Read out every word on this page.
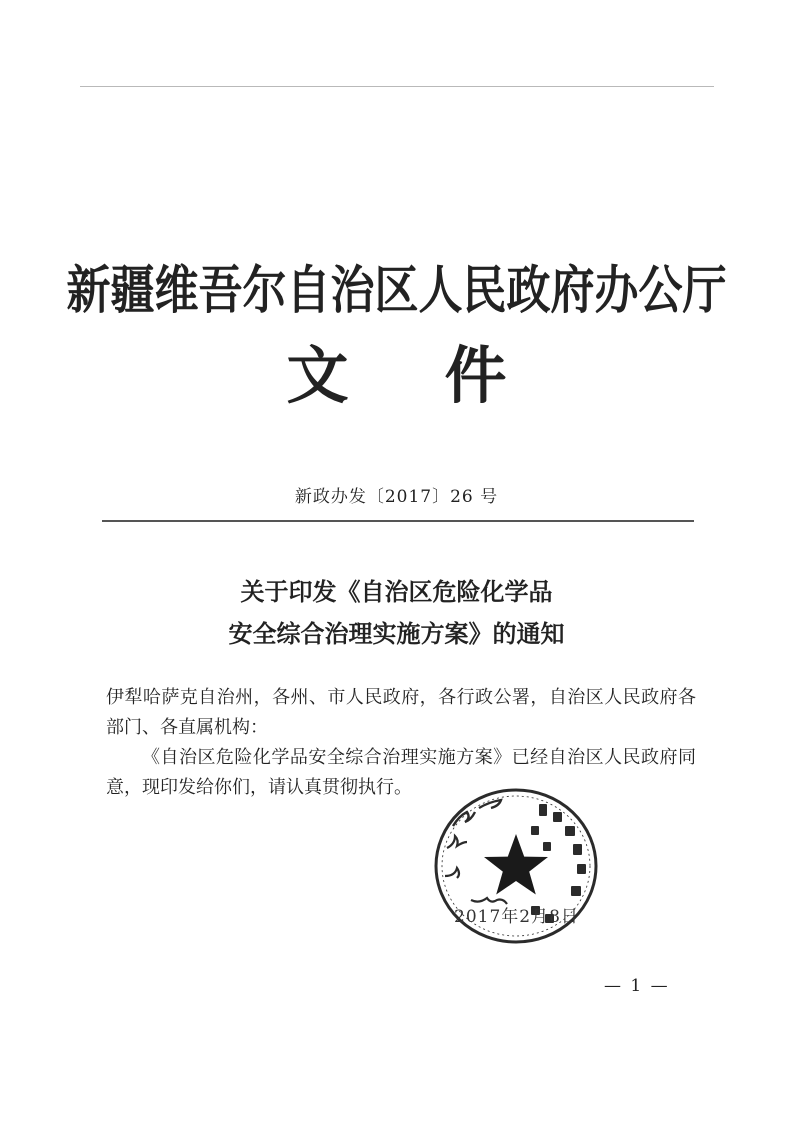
新疆维吾尔自治区人民政府办公厅
文 件
新政办发〔2017〕26 号
关于印发《自治区危险化学品
安全综合治理实施方案》的通知

伊犁哈萨克自治州，各州、市人民政府，各行政公署，自治区人民政府各部门、各直属机构：

《自治区危险化学品安全综合治理实施方案》已经自治区人民政府同意，现印发给你们，请认真贯彻执行。

2017年2月8日
— 1 —
